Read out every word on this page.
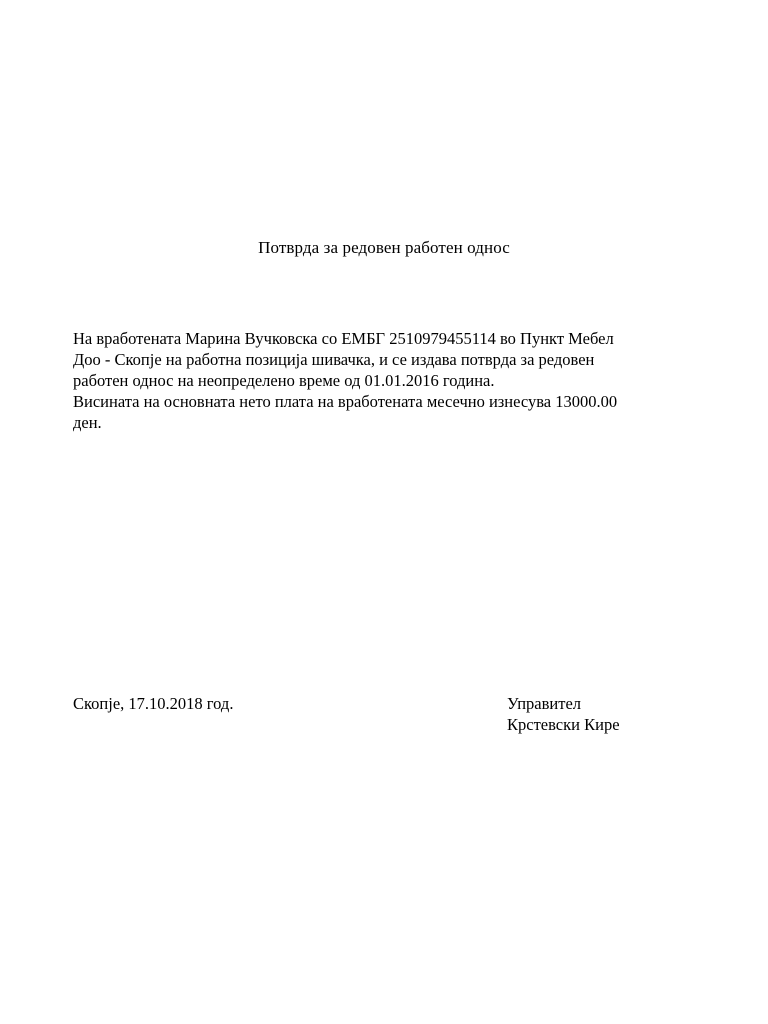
Потврда за редовен работен однос

На вработената Марина Вучковска со ЕМБГ 2510979455114 во Пункт Мебел
Доо - Скопје на работна позиција шивачка, и се издава потврда за редовен
работен однос на неопределено време од 01.01.2016 година.
Висината на основната нето плата на вработената месечно изнесува 13000.00
ден.

Скопје, 17.10.2018 год.	Управител
Крстевски Кире
